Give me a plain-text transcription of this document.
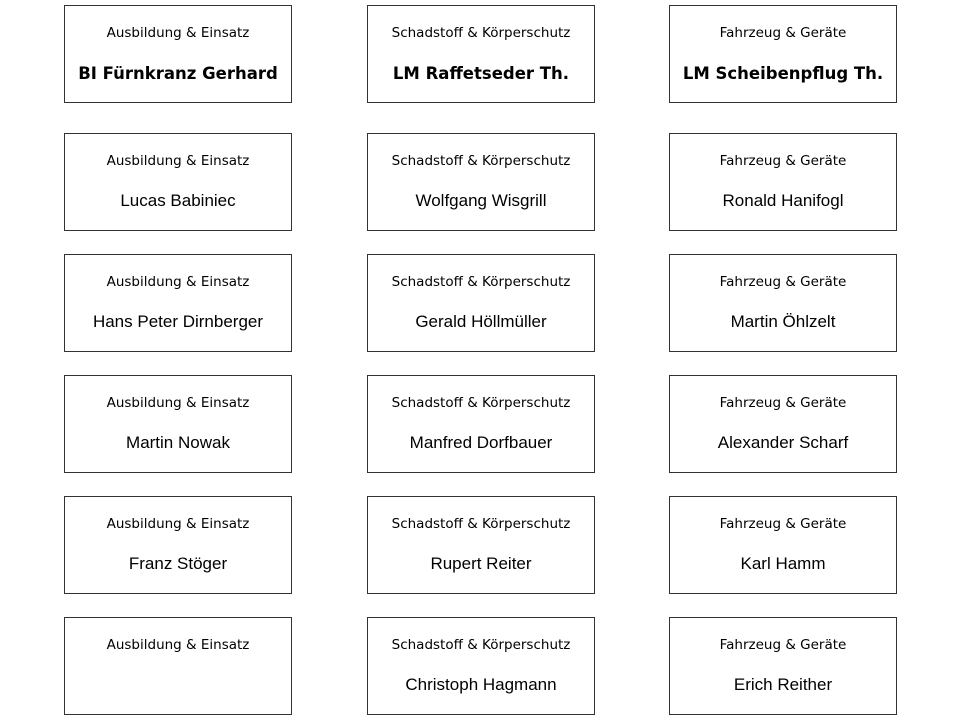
Ausbildung & Einsatz
BI Fürnkranz Gerhard
Ausbildung & Einsatz
Lucas Babiniec
Ausbildung & Einsatz
Hans Peter Dirnberger
Ausbildung & Einsatz
Martin Nowak
Ausbildung & Einsatz
Franz Stöger
Ausbildung & Einsatz
Schadstoff & Körperschutz
LM Raffetseder Th.
Schadstoff & Körperschutz
Wolfgang Wisgrill
Schadstoff & Körperschutz
Gerald Höllmüller
Schadstoff & Körperschutz
Manfred Dorfbauer
Schadstoff & Körperschutz
Rupert Reiter
Schadstoff & Körperschutz
Christoph Hagmann
Fahrzeug & Geräte
LM Scheibenpflug Th.
Fahrzeug & Geräte
Ronald Hanifogl
Fahrzeug & Geräte
Martin Öhlzelt
Fahrzeug & Geräte
Alexander Scharf
Fahrzeug & Geräte
Karl Hamm
Fahrzeug & Geräte
Erich Reither
